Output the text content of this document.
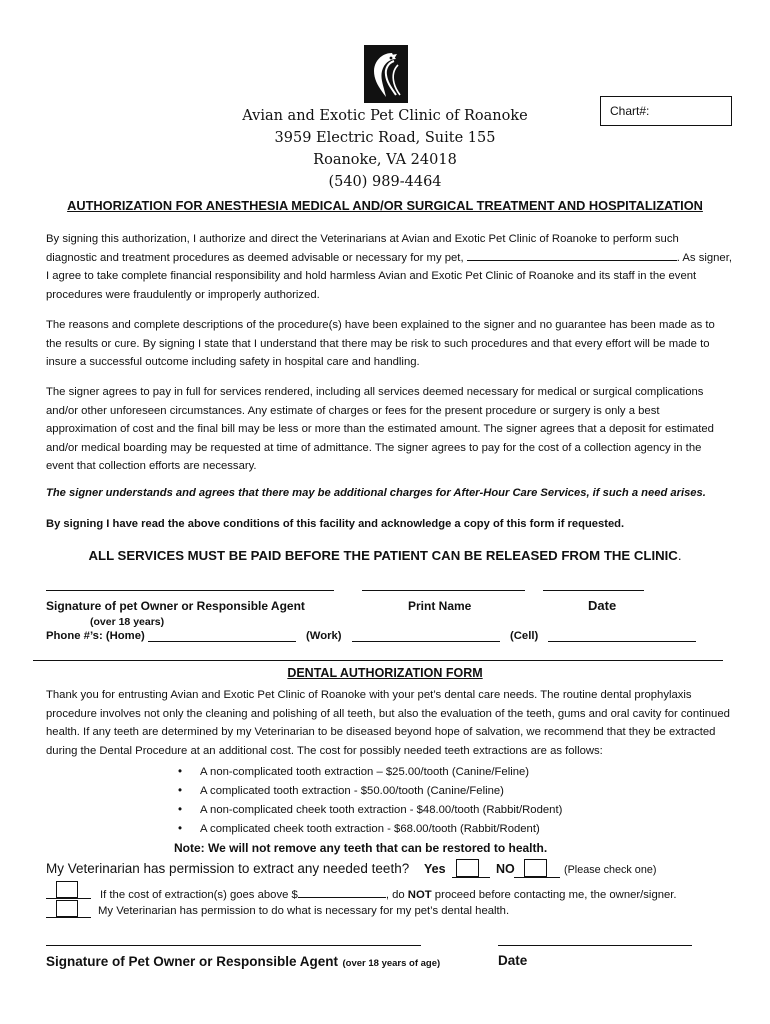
Avian and Exotic Pet Clinic of Roanoke
3959 Electric Road, Suite 155
Roanoke, VA 24018
(540) 989-4464
Chart#:
AUTHORIZATION FOR ANESTHESIA MEDICAL AND/OR SURGICAL TREATMENT AND HOSPITALIZATION

By signing this authorization, I authorize and direct the Veterinarians at Avian and Exotic Pet Clinic of Roanoke to perform such diagnostic and treatment procedures as deemed advisable or necessary for my pet,	. As signer, I agree to take complete financial responsibility and hold harmless Avian and Exotic Pet Clinic of Roanoke and its staff in the event procedures were fraudulently or improperly authorized.

The reasons and complete descriptions of the procedure(s) have been explained to the signer and no guarantee has been made as to the results or cure. By signing I state that I understand that there may be risk to such procedures and that every effort will be made to insure a successful outcome including safety in hospital care and handling.

The signer agrees to pay in full for services rendered, including all services deemed necessary for medical or surgical complications and/or other unforeseen circumstances. Any estimate of charges or fees for the present procedure or surgery is only a best approximation of cost and the final bill may be less or more than the estimated amount. The signer agrees that a deposit for estimated and/or medical boarding may be requested at time of admittance. The signer agrees to pay for the cost of a collection agency in the event that collection efforts are necessary.

The signer understands and agrees that there may be additional charges for After-Hour Care Services, if such a need arises.
By signing I have read the above conditions of this facility and acknowledge a copy of this form if requested.
ALL SERVICES MUST BE PAID BEFORE THE PATIENT CAN BE RELEASED FROM THE CLINIC.
Signature of pet Owner or Responsible Agent	Print Name	Date
(over 18 years)
Phone #’s: (Home)	(Work)	(Cell)
DENTAL AUTHORIZATION FORM

Thank you for entrusting Avian and Exotic Pet Clinic of Roanoke with your pet’s dental care needs. The routine dental prophylaxis procedure involves not only the cleaning and polishing of all teeth, but also the evaluation of the teeth, gums and oral cavity for continued health. If any teeth are determined by my Veterinarian to be diseased beyond hope of salvation, we recommend that they be extracted during the Dental Procedure at an additional cost. The cost for possibly needed teeth extractions are as follows:

• A non-complicated tooth extraction – $25.00/tooth (Canine/Feline)
• A complicated tooth extraction - $50.00/tooth (Canine/Feline)
• A non-complicated cheek tooth extraction - $48.00/tooth (Rabbit/Rodent)
• A complicated cheek tooth extraction - $68.00/tooth (Rabbit/Rodent)
Note: We will not remove any teeth that can be restored to health.
My Veterinarian has permission to extract any needed teeth? Yes	NO	(Please check one)
If the cost of extraction(s) goes above $	, do NOT proceed before contacting me, the owner/signer.
My Veterinarian has permission to do what is necessary for my pet’s dental health.
Signature of Pet Owner or Responsible Agent (over 18 years of age)	Date
